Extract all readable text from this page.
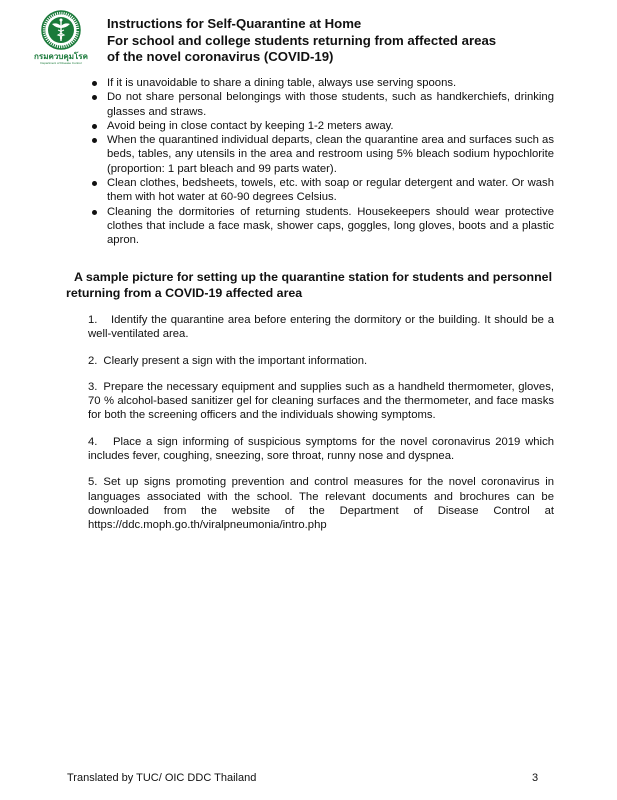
กรมควบคุมโรค
Department of Disease Control
Instructions for Self-Quarantine at Home
For school and college students returning from affected areas
of the novel coronavirus (COVID-19)
If it is unavoidable to share a dining table, always use serving spoons.
Do not share personal belongings with those students, such as handkerchiefs, drinking glasses and straws.
Avoid being in close contact by keeping 1-2 meters away.
When the quarantined individual departs, clean the quarantine area and surfaces such as beds, tables, any utensils in the area and restroom using 5% bleach sodium hypochlorite (proportion: 1 part bleach and 99 parts water).
Clean clothes, bedsheets, towels, etc. with soap or regular detergent and water. Or wash them with hot water at 60-90 degrees Celsius.
Cleaning the dormitories of returning students. Housekeepers should wear protective clothes that include a face mask, shower caps, goggles, long gloves, boots and a plastic apron.
A sample picture for setting up the quarantine station for students and personnel returning from a COVID-19 affected area
1. Identify the quarantine area before entering the dormitory or the building. It should be a well-ventilated area.
2. Clearly present a sign with the important information.
3. Prepare the necessary equipment and supplies such as a handheld thermometer, gloves, 70 % alcohol-based sanitizer gel for cleaning surfaces and the thermometer, and face masks for both the screening officers and the individuals showing symptoms.
4. Place a sign informing of suspicious symptoms for the novel coronavirus 2019 which includes fever, coughing, sneezing, sore throat, runny nose and dyspnea.
5. Set up signs promoting prevention and control measures for the novel coronavirus in languages associated with the school. The relevant documents and brochures can be downloaded from the website of the Department of Disease Control at https://ddc.moph.go.th/viralpneumonia/intro.php
Translated by TUC/ OIC DDC Thailand	3
